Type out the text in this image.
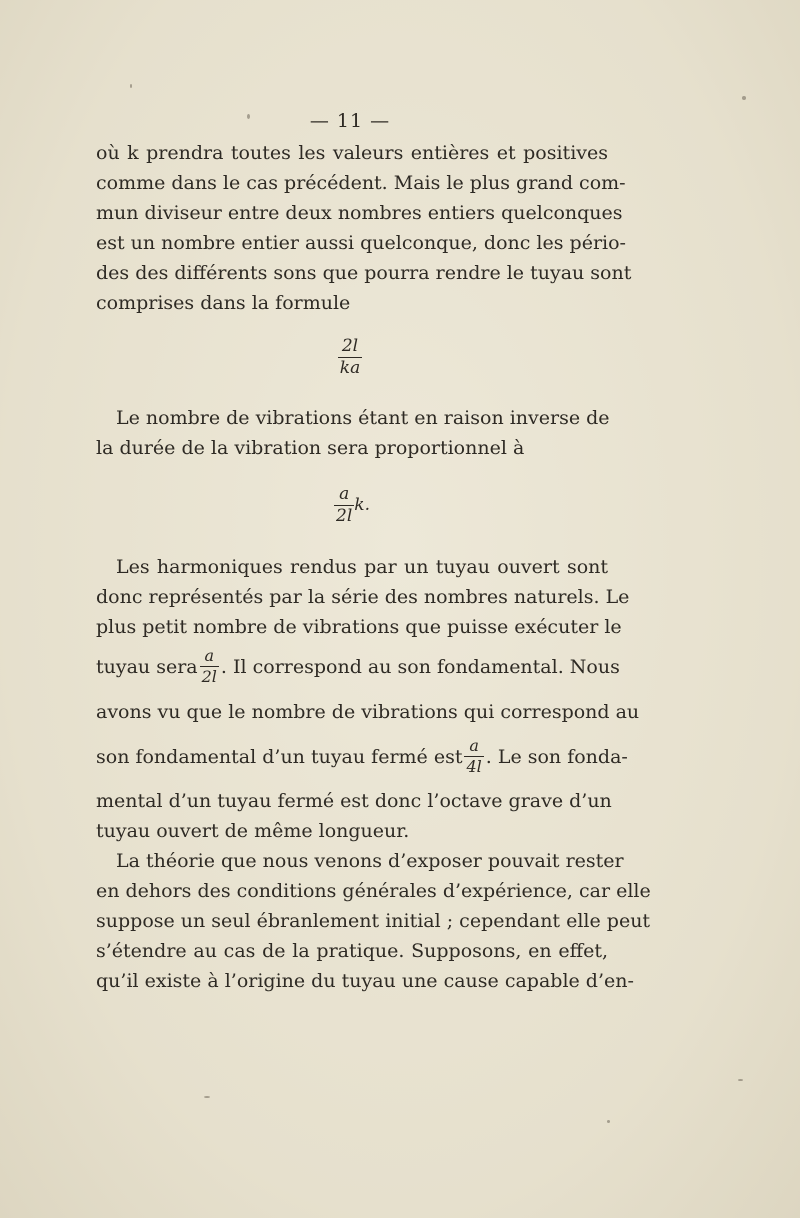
— 11 —
où k prendra toutes les valeurs entières et positives
comme dans le cas précédent. Mais le plus grand com-
mun diviseur entre deux nombres entiers quelconques
est un nombre entier aussi quelconque, donc les pério-
des des différents sons que pourra rendre le tuyau sont
comprises dans la formule
$\frac{2l}{ka}$
Le nombre de vibrations étant en raison inverse de
la durée de la vibration sera proportionnel à
$\frac{a}{2l} k$.
Les harmoniques rendus par un tuyau ouvert sont
donc représentés par la série des nombres naturels. Le
plus petit nombre de vibrations que puisse exécuter le
tuyau sera $\frac{a}{2l}$ . Il correspond au son fondamental. Nous
avons vu que le nombre de vibrations qui correspond au
son fondamental d’un tuyau fermé est $\frac{a}{4l}$ . Le son fonda-
mental d’un tuyau fermé est donc l’octave grave d’un
tuyau ouvert de même longueur.
La théorie que nous venons d’exposer pouvait rester
en dehors des conditions générales d’expérience, car elle
suppose un seul ébranlement initial ; cependant elle peut
s’étendre au cas de la pratique. Supposons, en effet,
qu’il existe à l’origine du tuyau une cause capable d’en-
